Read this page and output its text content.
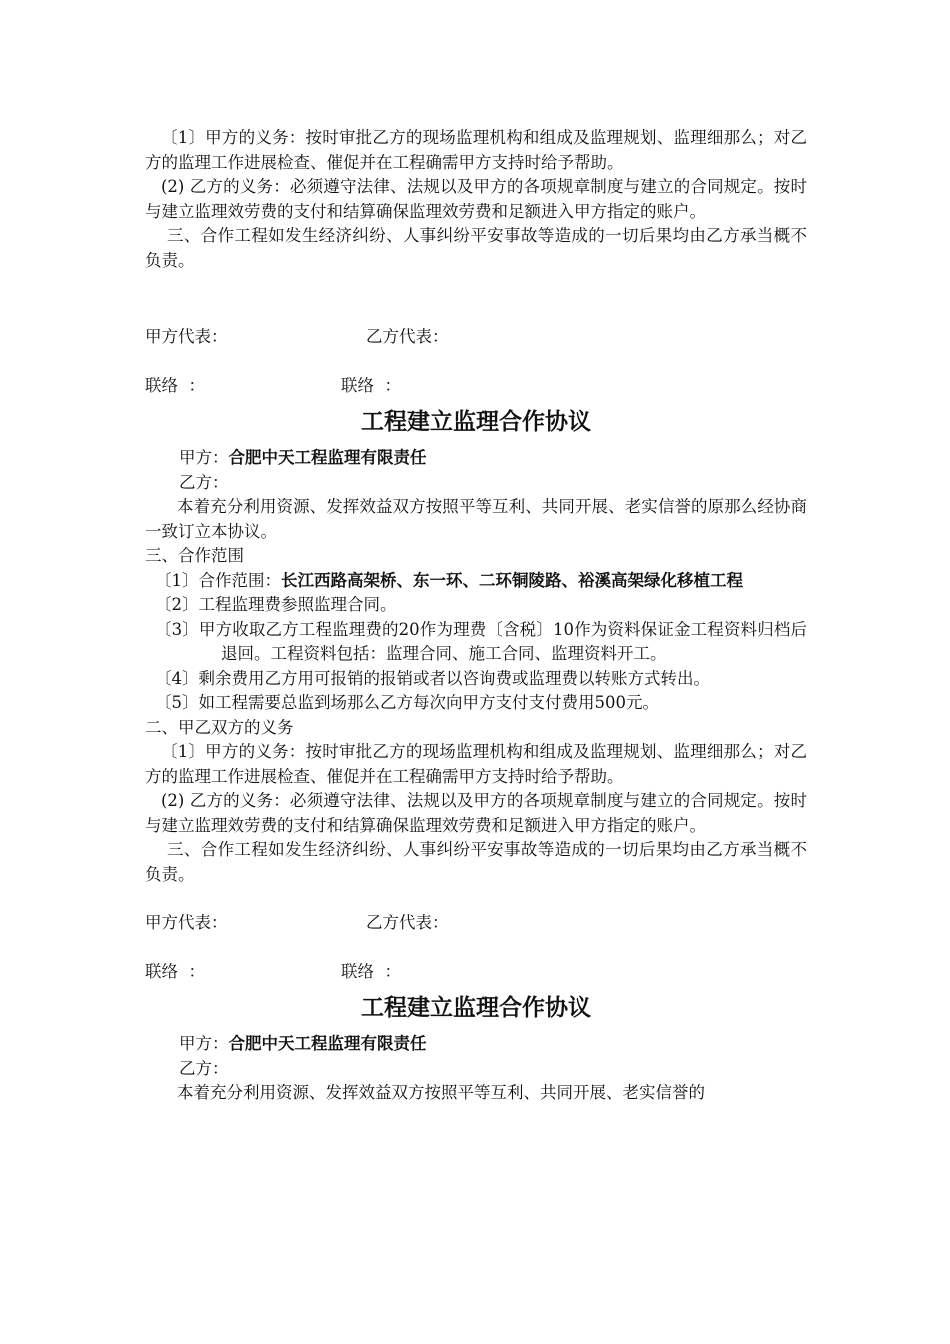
〔1〕甲方的义务：按时审批乙方的现场监理机构和组成及监理规划、监理细那么；对乙方的监理工作进展检查、催促并在工程确需甲方支持时给予帮助。

(2) 乙方的义务：必须遵守法律、法规以及甲方的各项规章制度与建立的合同规定。按时与建立监理效劳费的支付和结算确保监理效劳费和足额进入甲方指定的账户。

三、合作工程如发生经济纠纷、人事纠纷平安事故等造成的一切后果均由乙方承当概不负责。

甲方代表：	乙方代表：
联络  ：	联络  ：
工程建立监理合作协议

甲方：合肥中天工程监理有限责任

乙方：

本着充分利用资源、发挥效益双方按照平等互利、共同开展、老实信誉的原那么经协商一致订立本协议。

三、合作范围

〔1〕合作范围：长江西路高架桥、东一环、二环铜陵路、裕溪高架绿化移植工程

〔2〕工程监理费参照监理合同。

〔3〕甲方收取乙方工程监理费的20作为理费〔含税〕10作为资料保证金工程资料归档后退回。工程资料包括：监理合同、施工合同、监理资料开工。

〔4〕剩余费用乙方用可报销的报销或者以咨询费或监理费以转账方式转出。

〔5〕如工程需要总监到场那么乙方每次向甲方支付支付费用500元。

二、甲乙双方的义务

〔1〕甲方的义务：按时审批乙方的现场监理机构和组成及监理规划、监理细那么；对乙方的监理工作进展检查、催促并在工程确需甲方支持时给予帮助。

(2) 乙方的义务：必须遵守法律、法规以及甲方的各项规章制度与建立的合同规定。按时与建立监理效劳费的支付和结算确保监理效劳费和足额进入甲方指定的账户。

三、合作工程如发生经济纠纷、人事纠纷平安事故等造成的一切后果均由乙方承当概不负责。

甲方代表：	乙方代表：
联络  ：	联络  ：
工程建立监理合作协议

甲方：合肥中天工程监理有限责任

乙方：

本着充分利用资源、发挥效益双方按照平等互利、共同开展、老实信誉的
